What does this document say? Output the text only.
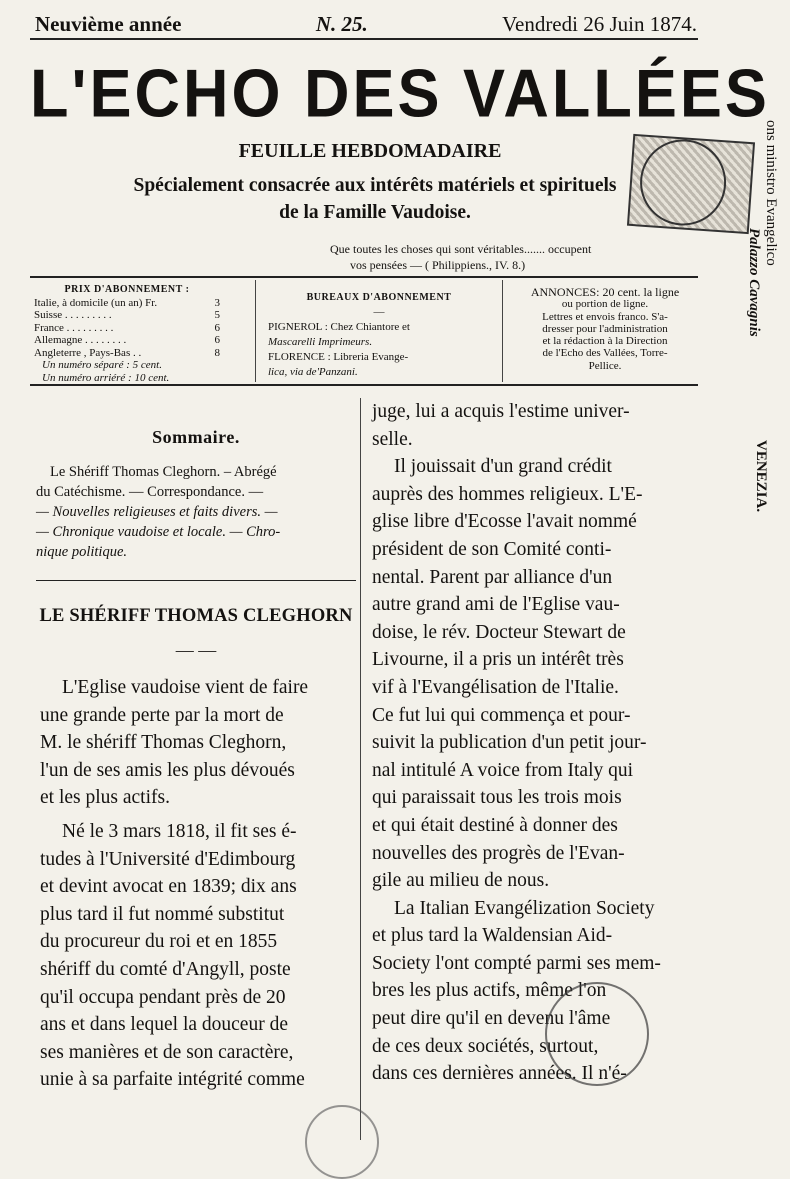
Neuvième année	N. 25.	Vendredi 26 Juin 1874.
L'ECHO DES VALLÉES
FEUILLE HEBDOMADAIRE
Spécialement consacrée aux intérêts matériels et spirituels
de la Famille Vaudoise.
Que toutes les choses qui sont véritables....... occupent
vos pensées — ( Philippiens., IV. 8.)
PRIX D'ABONNEMENT :
Italie, à domicile (un an) Fr.	3
Suisse . . . . . . . . .	5
France . . . . . . . . .	6
Allemagne . . . . . . . .	6
Angleterre , Pays-Bas . .	8
Un numéro séparé : 5 cent.
Un numéro arriéré : 10 cent.
BUREAUX D'ABONNEMENT
—
PIGNEROL : Chez Chiantore et
Mascarelli Imprimeurs.
FLORENCE : Libreria Evange-
lica, via de'Panzani.
ANNONCES: 20 cent. la ligne
ou portion de ligne.
Lettres et envois franco. S'a-
dresser pour l'administration
et la rédaction à la Direction
de l'Echo des Vallées, Torre-
Pellice.
Sommaire.
Le Shériff Thomas Cleghorn. – Abrégé
du Catéchisme. — Correspondance. —
— Nouvelles religieuses et faits divers. —
— Chronique vaudoise et locale. — Chro-
nique politique.
LE SHÉRIFF THOMAS CLEGHORN
— —

L'Eglise vaudoise vient de faire

une grande perte par la mort de

M. le shériff Thomas Cleghorn,

l'un de ses amis les plus dévoués

et les plus actifs.

Né le 3 mars 1818, il fit ses é-

tudes à l'Université d'Edimbourg

et devint avocat en 1839; dix ans

plus tard il fut nommé substitut

du procureur du roi et en 1855

shériff du comté d'Angyll, poste

qu'il occupa pendant près de 20

ans et dans lequel la douceur de

ses manières et de son caractère,

unie à sa parfaite intégrité comme

juge, lui a acquis l'estime univer-

selle.

Il jouissait d'un grand crédit

auprès des hommes religieux. L'E-

glise libre d'Ecosse l'avait nommé

président de son Comité conti-

nental. Parent par alliance d'un

autre grand ami de l'Eglise vau-

doise, le rév. Docteur Stewart de

Livourne, il a pris un intérêt très

vif à l'Evangélisation de l'Italie.

Ce fut lui qui commença et pour-

suivit la publication d'un petit jour-

nal intitulé A voice from Italy qui

qui paraissait tous les trois mois

et qui était destiné à donner des

nouvelles des progrès de l'Evan-

gile au milieu de nous.

La Italian Evangélization Society

et plus tard la Waldensian Aid-

Society l'ont compté parmi ses mem-

bres les plus actifs, même l'on

peut dire qu'il en devenu l'âme

de ces deux sociétés, surtout,

dans ces dernières années. Il n'é-

ons ministro Evangelico
Palazzo Cavagnis
VENEZIA.
